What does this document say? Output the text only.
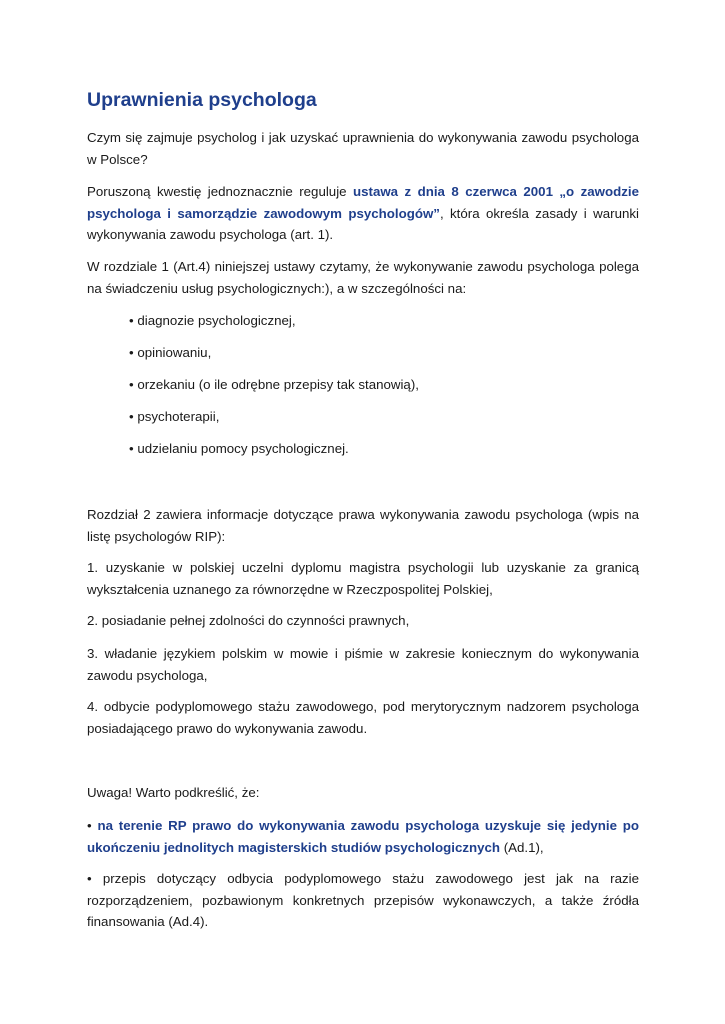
Uprawnienia psychologa

Czym się zajmuje psycholog i jak uzyskać uprawnienia do wykonywania zawodu psychologa w Polsce?

Poruszoną kwestię jednoznacznie reguluje ustawa z dnia 8 czerwca 2001 „o zawodzie psychologa i samorządzie zawodowym psychologów”, która określa zasady i warunki wykonywania zawodu psychologa (art. 1).

W rozdziale 1 (Art.4) niniejszej ustawy czytamy, że wykonywanie zawodu psychologa polega na świadczeniu usług psychologicznych:), a w szczególności na:

• diagnozie psychologicznej,

• opiniowaniu,

• orzekaniu (o ile odrębne przepisy tak stanowią),

• psychoterapii,

• udzielaniu pomocy psychologicznej.

Rozdział 2 zawiera informacje dotyczące prawa wykonywania zawodu psychologa (wpis na listę psychologów RIP):

1. uzyskanie w polskiej uczelni dyplomu magistra psychologii lub uzyskanie za granicą wykształcenia uznanego za równorzędne w Rzeczpospolitej Polskiej,

2. posiadanie pełnej zdolności do czynności prawnych,

3. władanie językiem polskim w mowie i piśmie w zakresie koniecznym do wykonywania zawodu psychologa,

4. odbycie podyplomowego stażu zawodowego, pod merytorycznym nadzorem psychologa posiadającego prawo do wykonywania zawodu.

Uwaga! Warto podkreślić, że:

• na terenie RP prawo do wykonywania zawodu psychologa uzyskuje się jedynie po ukończeniu jednolitych magisterskich studiów psychologicznych (Ad.1),

• przepis dotyczący odbycia podyplomowego stażu zawodowego jest jak na razie rozporządzeniem, pozbawionym konkretnych przepisów wykonawczych, a także źródła finansowania (Ad.4).
